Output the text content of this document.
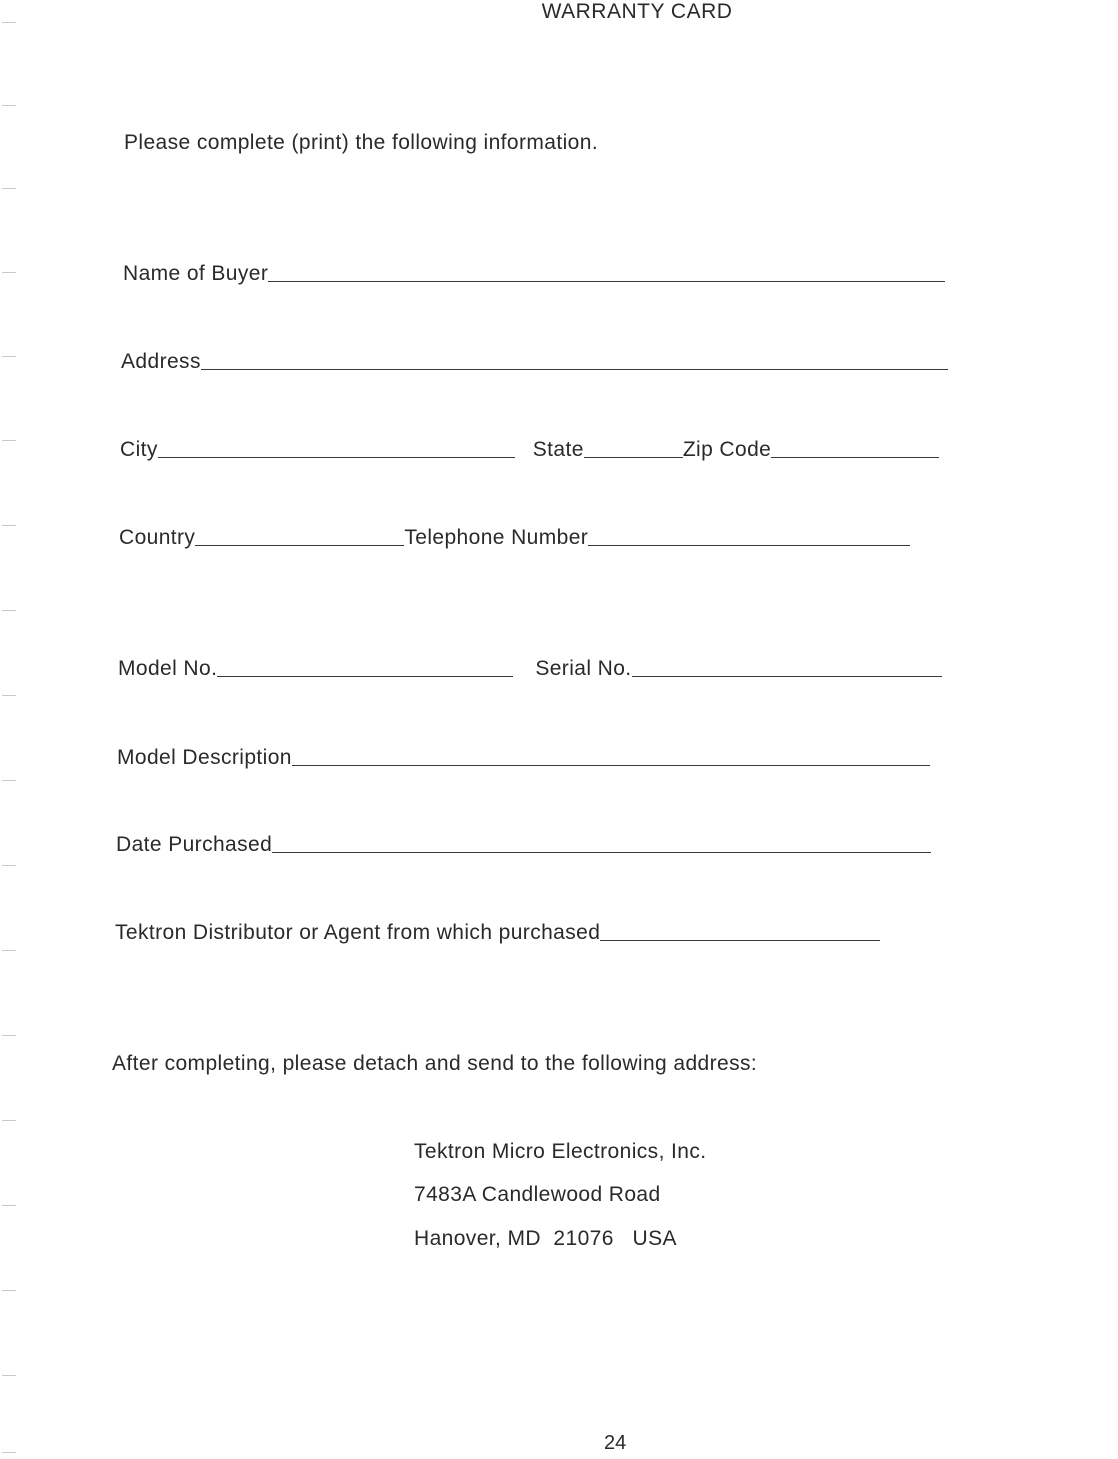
WARRANTY CARD
Please complete (print) the following information.
Name of Buyer
Address
City	State	Zip Code
Country	Telephone Number
Model No.	Serial No.
Model Description
Date Purchased
Tektron Distributor or Agent from which purchased
After completing, please detach and send to the following address:
Tektron Micro Electronics, Inc.
7483A Candlewood Road
Hanover, MD  21076   USA
24
